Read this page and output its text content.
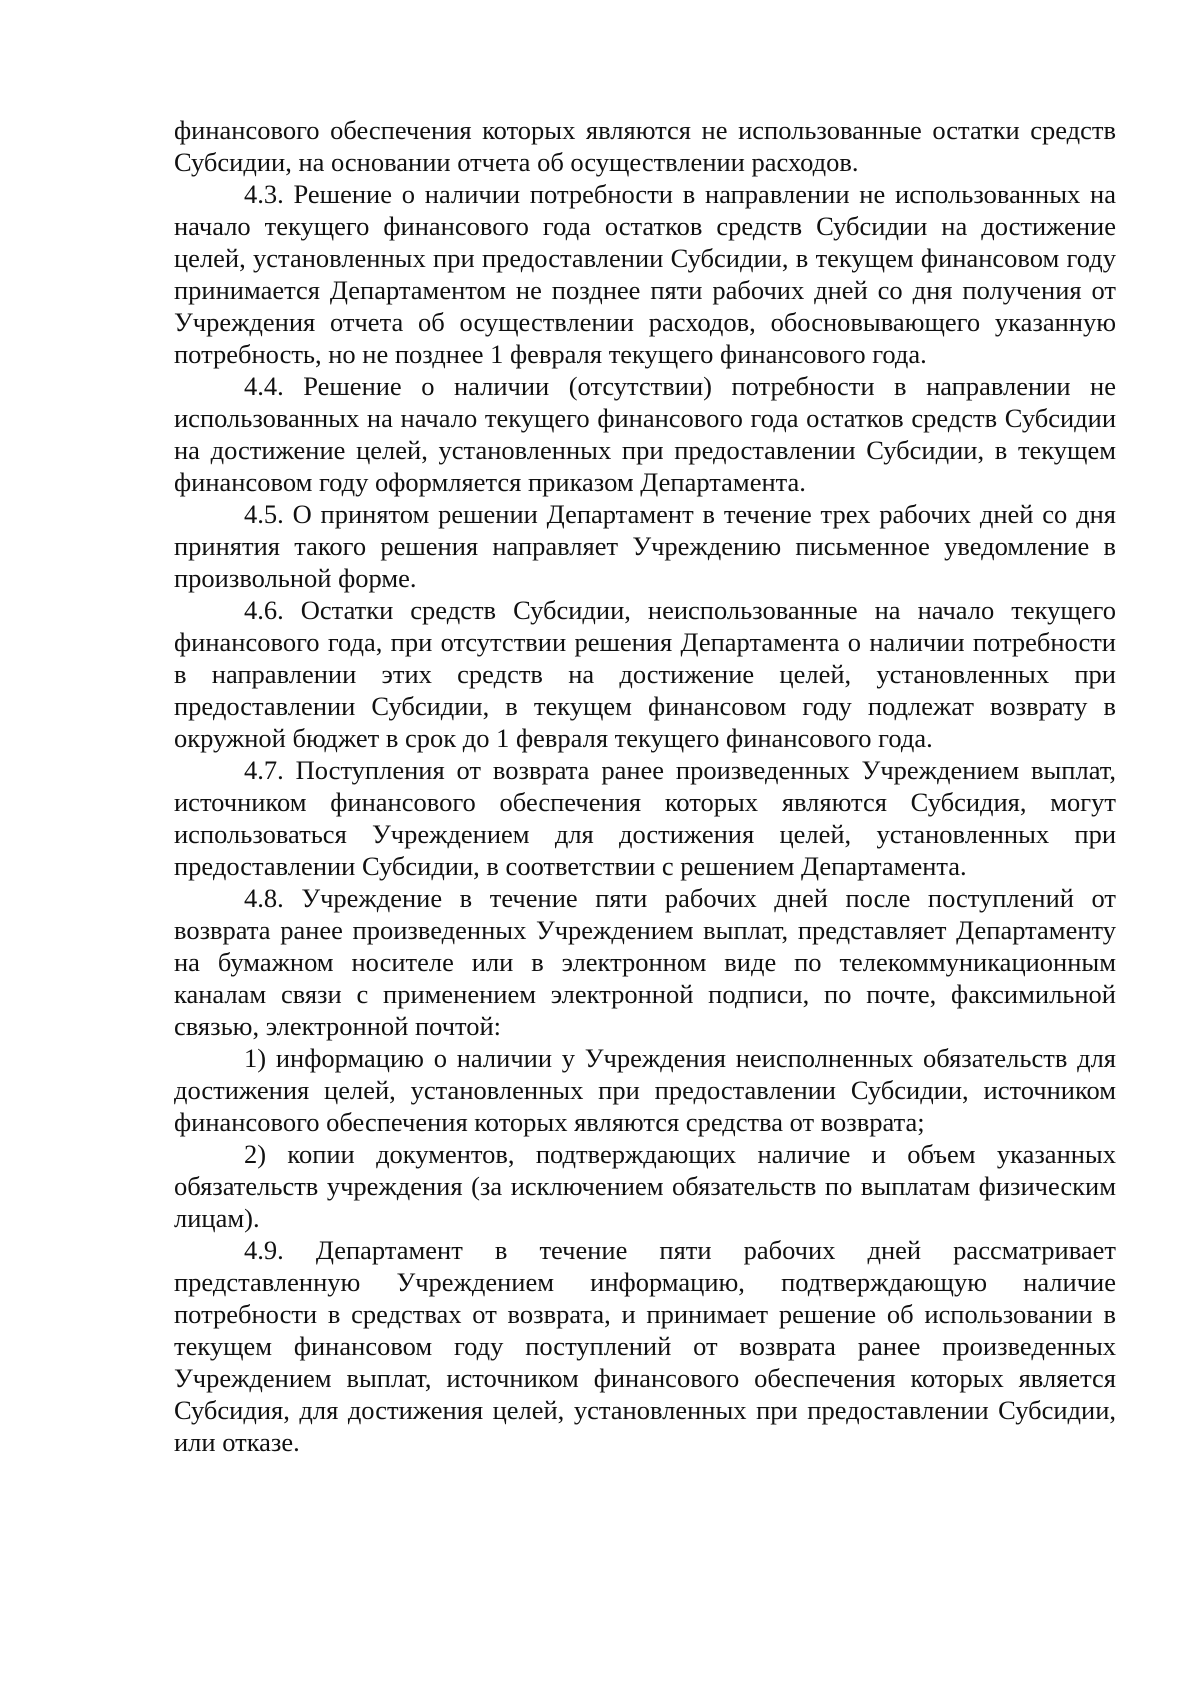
финансового обеспечения которых являются не использованные остатки средств Субсидии, на основании отчета об осуществлении расходов.

4.3. Решение о наличии потребности в направлении не использованных на начало текущего финансового года остатков средств Субсидии на достижение целей, установленных при предоставлении Субсидии, в текущем финансовом году принимается Департаментом не позднее пяти рабочих дней со дня получения от Учреждения отчета об осуществлении расходов, обосновывающего указанную потребность, но не позднее 1 февраля текущего финансового года.

4.4. Решение о наличии (отсутствии) потребности в направлении не использованных на начало текущего финансового года остатков средств Субсидии на достижение целей, установленных при предоставлении Субсидии, в текущем финансовом году оформляется приказом Департамента.

4.5. О принятом решении Департамент в течение трех рабочих дней со дня принятия такого решения направляет Учреждению письменное уведомление в произвольной форме.

4.6. Остатки средств Субсидии, неиспользованные на начало текущего финансового года, при отсутствии решения Департамента о наличии потребности в направлении этих средств на достижение целей, установленных при предоставлении Субсидии, в текущем финансовом году подлежат возврату в окружной бюджет в срок до 1 февраля текущего финансового года.

4.7. Поступления от возврата ранее произведенных Учреждением выплат, источником финансового обеспечения которых являются Субсидия, могут использоваться Учреждением для достижения целей, установленных при предоставлении Субсидии, в соответствии с решением Департамента.

4.8. Учреждение в течение пяти рабочих дней после поступлений от возврата ранее произведенных Учреждением выплат, представляет Департаменту на бумажном носителе или в электронном виде по телекоммуникационным каналам связи с применением электронной подписи, по почте, факсимильной связью, электронной почтой:

1) информацию о наличии у Учреждения неисполненных обязательств для достижения целей, установленных при предоставлении Субсидии, источником финансового обеспечения которых являются средства от возврата;

2) копии документов, подтверждающих наличие и объем указанных обязательств учреждения (за исключением обязательств по выплатам физическим лицам).

4.9. Департамент в течение пяти рабочих дней рассматривает представленную Учреждением информацию, подтверждающую наличие потребности в средствах от возврата, и принимает решение об использовании в текущем финансовом году поступлений от возврата ранее произведенных Учреждением выплат, источником финансового обеспечения которых является Субсидия, для достижения целей, установленных при предоставлении Субсидии, или отказе.
